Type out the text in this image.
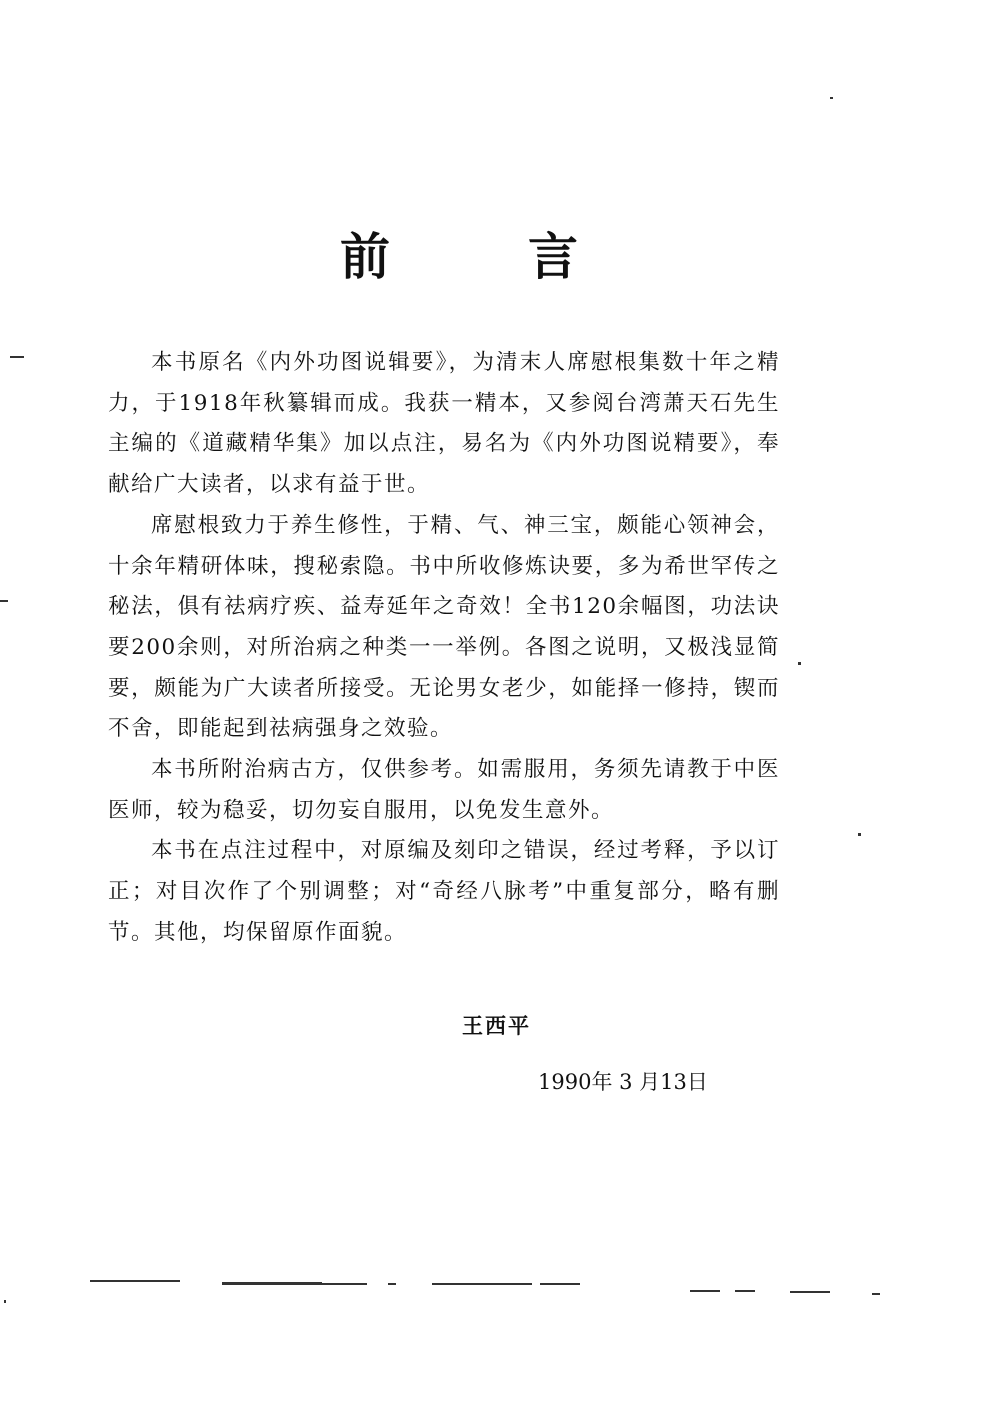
前　言

本书原名《内外功图说辑要》，为清末人席慰根集数十年之精力，于1918年秋纂辑而成。我获一精本，又参阅台湾萧天石先生主编的《道藏精华集》加以点注，易名为《内外功图说精要》，奉献给广大读者，以求有益于世。

席慰根致力于养生修性，于精、气、神三宝，颇能心领神会，十余年精研体味，搜秘索隐。书中所收修炼诀要，多为希世罕传之秘法，俱有祛病疗疾、益寿延年之奇效！全书120余幅图，功法诀要200余则，对所治病之种类一一举例。各图之说明，又极浅显简要，颇能为广大读者所接受。无论男女老少，如能择一修持，锲而不舍，即能起到祛病强身之效验。

本书所附治病古方，仅供参考。如需服用，务须先请教于中医医师，较为稳妥，切勿妄自服用，以免发生意外。

本书在点注过程中，对原编及刻印之错误，经过考释，予以订正；对目次作了个别调整；对“奇经八脉考”中重复部分，略有删节。其他，均保留原作面貌。

王西平
1990年 3 月13日
